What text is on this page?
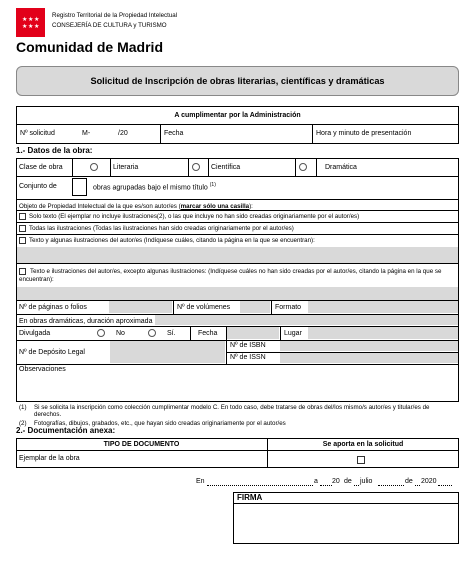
★ ★ ★
★ ★ ★
Registro Territorial de la Propiedad Intelectual
CONSEJERÍA DE CULTURA y TURISMO
Comunidad de Madrid
Solicitud de Inscripción de obras literarias, científicas y dramáticas
A cumplimentar por la Administración
Nº solicitud	M-	/20	Fecha	Hora y minuto de presentación
1.- Datos de la obra:
Clase de obra	Literaria	Científica	Dramática
Conjunto de	obras agrupadas bajo el mismo título $^{(1)}$
Objeto de Propiedad Intelectual de la que es/son autor/es (marcar sólo una casilla):
Solo texto (El ejemplar no incluye ilustraciones(2), o las que incluye no han sido creadas originariamente por el autor/es)
Todas las ilustraciones (Todas las ilustraciones han sido creadas originariamente por el autor/es)
Texto y algunas ilustraciones del autor/es (Indíquese cuáles, citando la página en la que se encuentran):
Texto e ilustraciones del autor/es, excepto algunas ilustraciones: (Indíquese cuáles no han sido creadas por el autor/es, citando la página en la que se encuentran):
Nº de páginas o folios	Nº de volúmenes	Formato
En obras dramáticas, duración aproximada
Divulgada	No	Sí.	Fecha	Lugar
Nº de Depósito Legal
Nº de ISBN
Nº de ISSN
Observaciones
(1) Si se solicita la inscripción como colección cumplimentar modelo C. En todo caso, debe tratarse de obras del/los mismo/s autor/es y titular/es de derechos.
(2) Fotografías, dibujos, grabados, etc., que hayan sido creadas originariamente por el autor/es
2.- Documentación anexa:
TIPO DE DOCUMENTO	Se aporta en la solicitud
Ejemplar de la obra
En	a 20 de julio	de 2020
FIRMA
